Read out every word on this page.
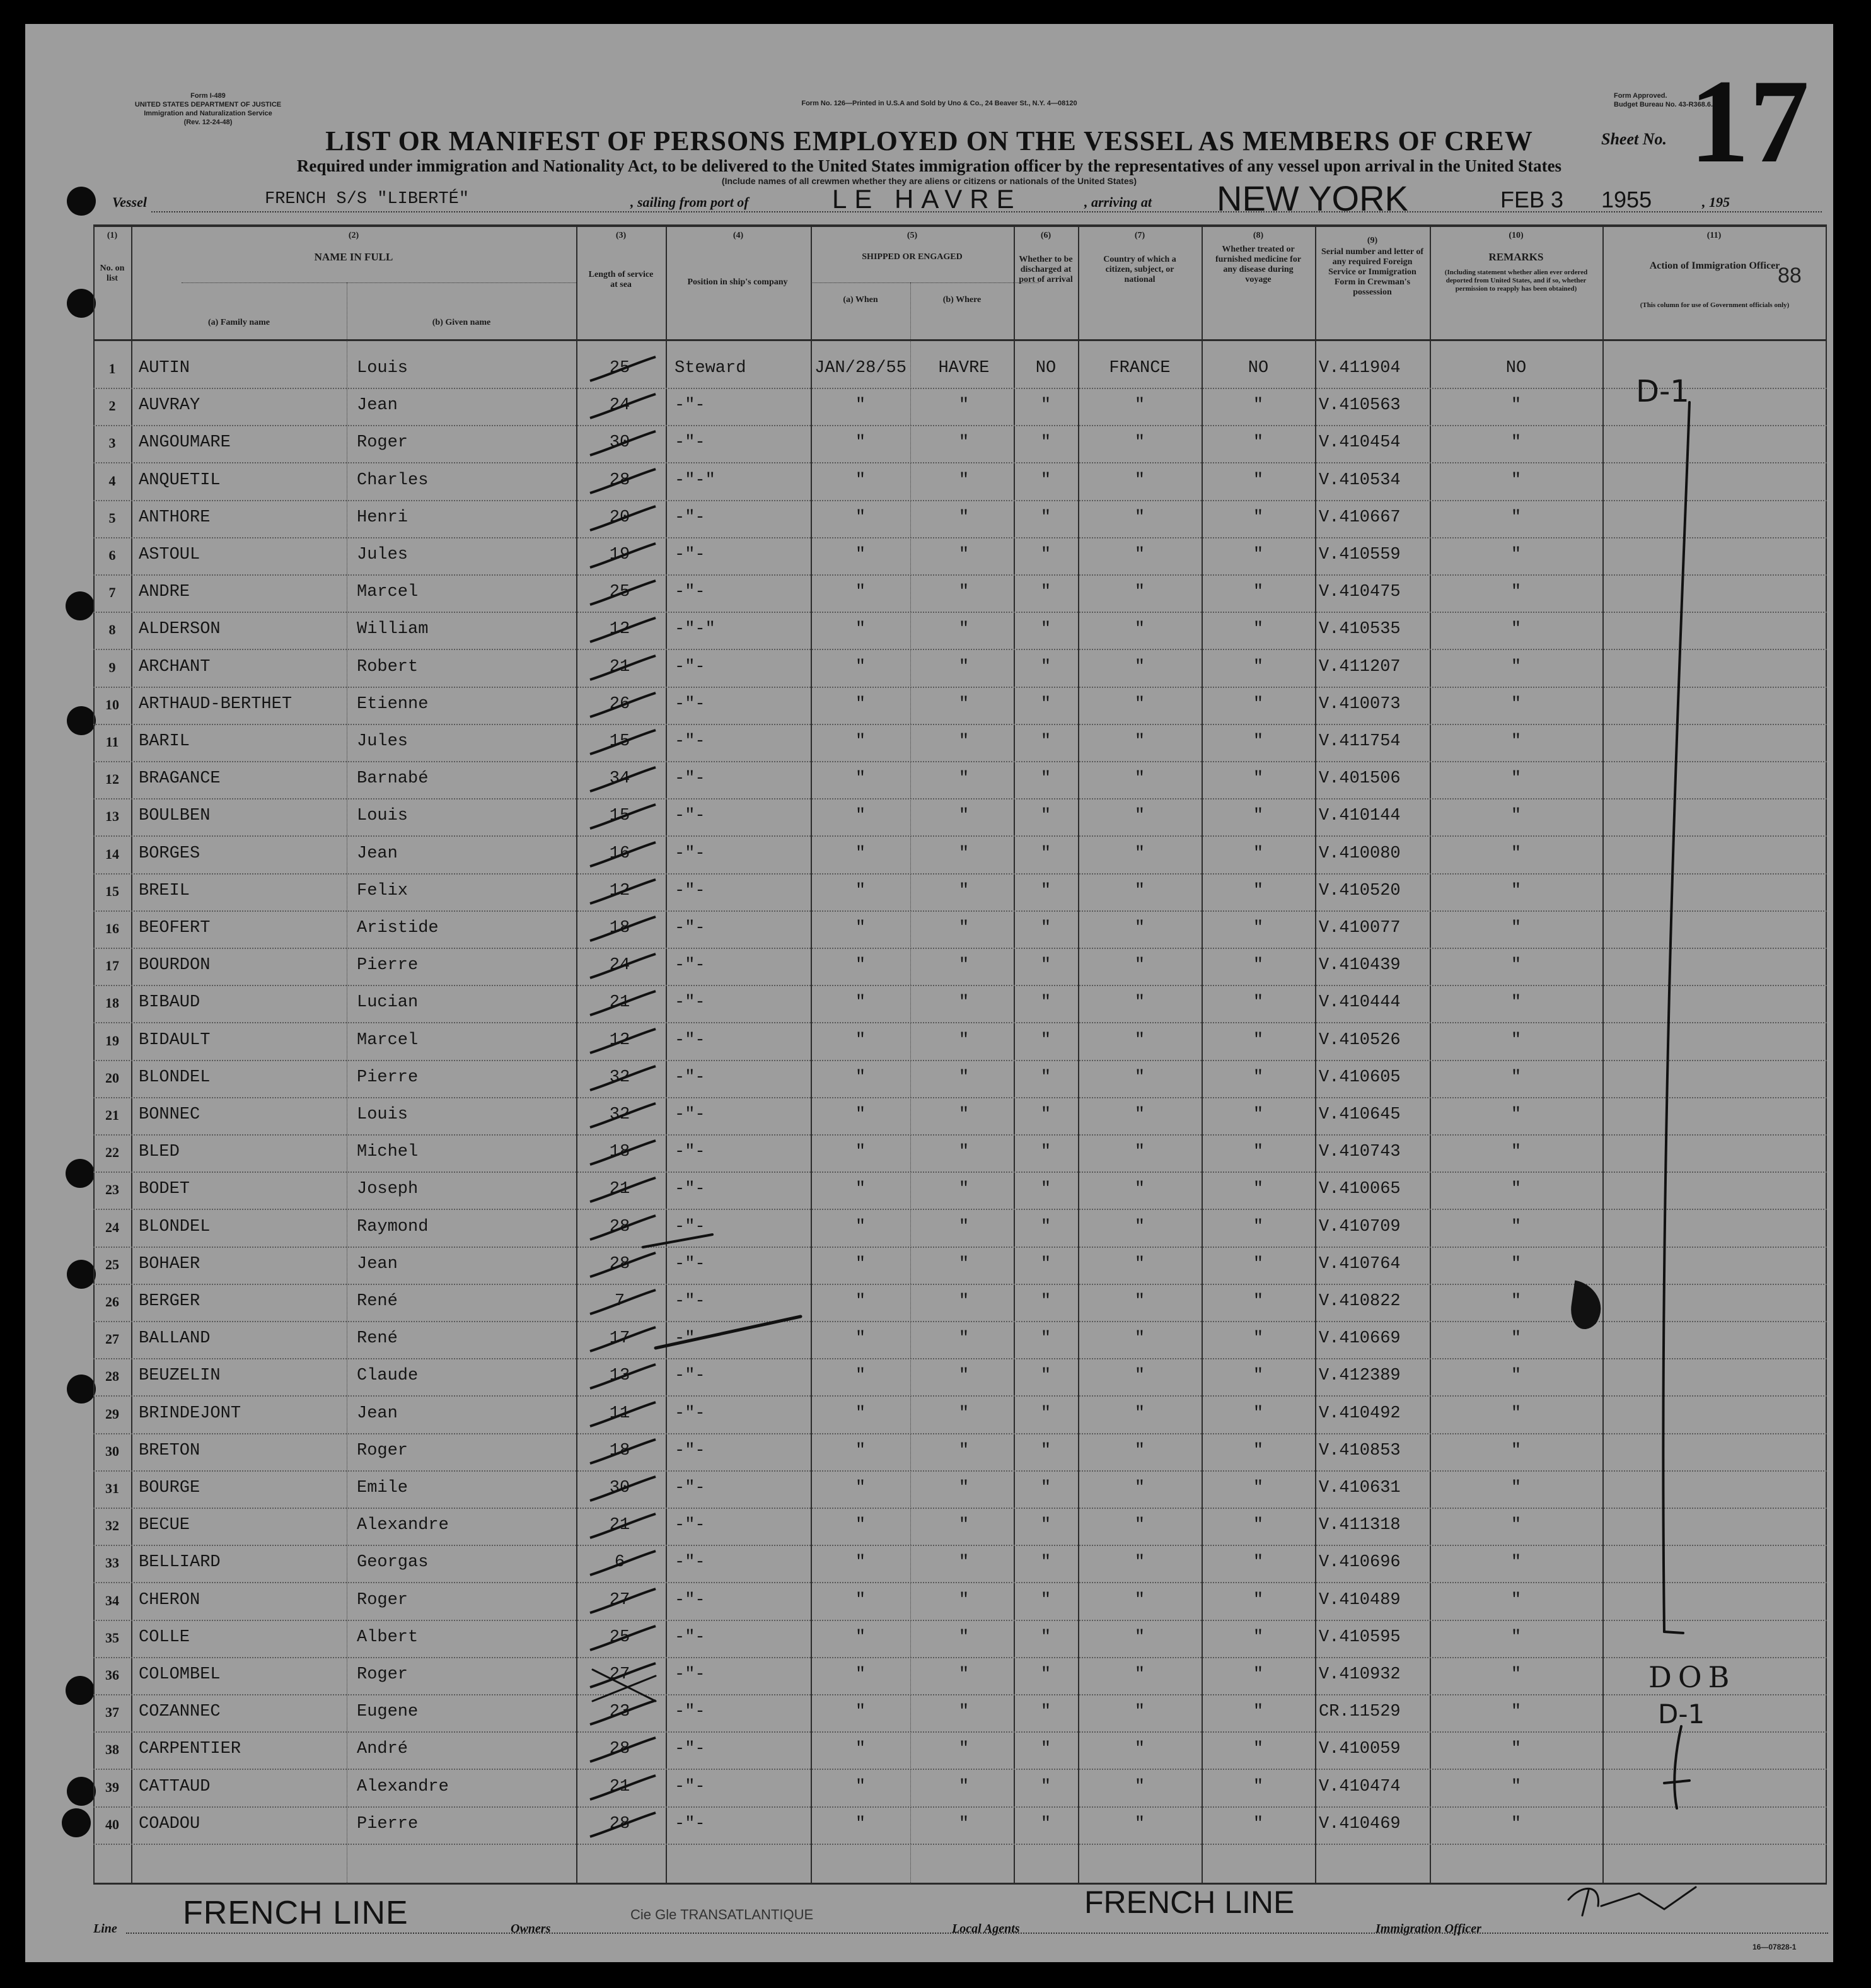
Form I-489
UNITED STATES DEPARTMENT OF JUSTICE
Immigration and Naturalization Service
(Rev. 12-24-48)
Form No. 126—Printed in U.S.A and Sold by Uno & Co., 24 Beaver St., N.Y. 4—08120
Form Approved.
Budget Bureau No. 43-R368.6.
LIST OR MANIFEST OF PERSONS EMPLOYED ON THE VESSEL AS MEMBERS OF CREW
Required under immigration and Nationality Act, to be delivered to the United States immigration officer by the representatives of any vessel upon arrival in the United States
(Include names of all crewmen whether they are aliens or citizens or nationals of the United States)
Sheet No. 17
Vessel	FRENCH S/S "LIBERTÉ"	, sailing from port of	LE HAVRE	, arriving at NEW YORK	FEB 3 1955	, 195
88
(1)
No. on list
(2)
NAME IN FULL
(a) Family name	(b) Given name
(3)
Length of service at sea
(4)
Position in ship's company
(5)
SHIPPED OR ENGAGED
(a) When	(b) Where
(6)
Whether to be discharged at port of arrival
(7)
Country of which a citizen, subject, or national
(8)
Whether treated or furnished medicine for any disease during voyage
(9)
Serial number and letter of any required Foreign Service or Immigration Form in Crewman's possession
(10)
REMARKS
(Including statement whether alien ever ordered deported from United States, and if so, whether permission to reapply has been obtained)
(11)
Action of Immigration Officer
(This column for use of Government officials only)
1	AUTIN	Louis	25	Steward	JAN/28/55	HAVRE	NO	FRANCE	NO	V.411904	NO
2	AUVRAY	Jean	24	-"-	"	"	"	"	"	V.410563	"
3	ANGOUMARE	Roger	30	-"-	"	"	"	"	"	V.410454	"
4	ANQUETIL	Charles	28	-"-"	"	"	"	"	"	V.410534	"
5	ANTHORE	Henri	20	-"-	"	"	"	"	"	V.410667	"
6	ASTOUL	Jules	19	-"-	"	"	"	"	"	V.410559	"
7	ANDRE	Marcel	25	-"-	"	"	"	"	"	V.410475	"
8	ALDERSON	William	12	-"-"	"	"	"	"	"	V.410535	"
9	ARCHANT	Robert	21	-"-	"	"	"	"	"	V.411207	"
10	ARTHAUD-BERTHET	Etienne	26	-"-	"	"	"	"	"	V.410073	"
11	BARIL	Jules	15	-"-	"	"	"	"	"	V.411754	"
12	BRAGANCE	Barnabé	34	-"-	"	"	"	"	"	V.401506	"
13	BOULBEN	Louis	15	-"-	"	"	"	"	"	V.410144	"
14	BORGES	Jean	16	-"-	"	"	"	"	"	V.410080	"
15	BREIL	Felix	12	-"-	"	"	"	"	"	V.410520	"
16	BEOFERT	Aristide	18	-"-	"	"	"	"	"	V.410077	"
17	BOURDON	Pierre	24	-"-	"	"	"	"	"	V.410439	"
18	BIBAUD	Lucian	21	-"-	"	"	"	"	"	V.410444	"
19	BIDAULT	Marcel	12	-"-	"	"	"	"	"	V.410526	"
20	BLONDEL	Pierre	32	-"-	"	"	"	"	"	V.410605	"
21	BONNEC	Louis	32	-"-	"	"	"	"	"	V.410645	"
22	BLED	Michel	18	-"-	"	"	"	"	"	V.410743	"
23	BODET	Joseph	21	-"-	"	"	"	"	"	V.410065	"
24	BLONDEL	Raymond	28	-"-	"	"	"	"	"	V.410709	"
25	BOHAER	Jean	28	-"-	"	"	"	"	"	V.410764	"
26	BERGER	René	7	-"-	"	"	"	"	"	V.410822	"
27	BALLAND	René	17	-"-	"	"	"	"	"	V.410669	"
28	BEUZELIN	Claude	13	-"-	"	"	"	"	"	V.412389	"
29	BRINDEJONT	Jean	11	-"-	"	"	"	"	"	V.410492	"
30	BRETON	Roger	18	-"-	"	"	"	"	"	V.410853	"
31	BOURGE	Emile	30	-"-	"	"	"	"	"	V.410631	"
32	BECUE	Alexandre	21	-"-	"	"	"	"	"	V.411318	"
33	BELLIARD	Georgas	6	-"-	"	"	"	"	"	V.410696	"
34	CHERON	Roger	27	-"-	"	"	"	"	"	V.410489	"
35	COLLE	Albert	25	-"-	"	"	"	"	"	V.410595	"
36	COLOMBEL	Roger	27	-"-	"	"	"	"	"	V.410932	"
37	COZANNEC	Eugene	23	-"-	"	"	"	"	"	CR.11529	"
38	CARPENTIER	André	28	-"-	"	"	"	"	"	V.410059	"
39	CATTAUD	Alexandre	21	-"-	"	"	"	"	"	V.410474	"
40	COADOU	Pierre	28	-"-	"	"	"	"	"	V.410469	"
D-1
DOB
D-1
Line FRENCH LINE	Owners
Cie Gle TRANSATLANTIQUE
Local Agents
FRENCH LINE
Immigration Officer
16—07828-1
